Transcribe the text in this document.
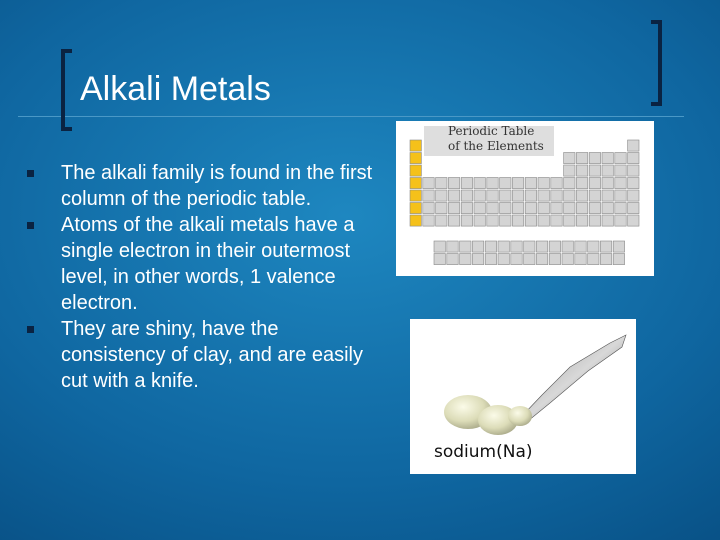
Alkali Metals
The alkali family is found in the first column of the periodic table.
Atoms of the alkali metals have a single electron in their outermost level, in other words, 1 valence electron.
They are shiny, have the consistency of clay, and are easily cut with a knife.
Periodic Table
of the Elements
sodium(Na)
